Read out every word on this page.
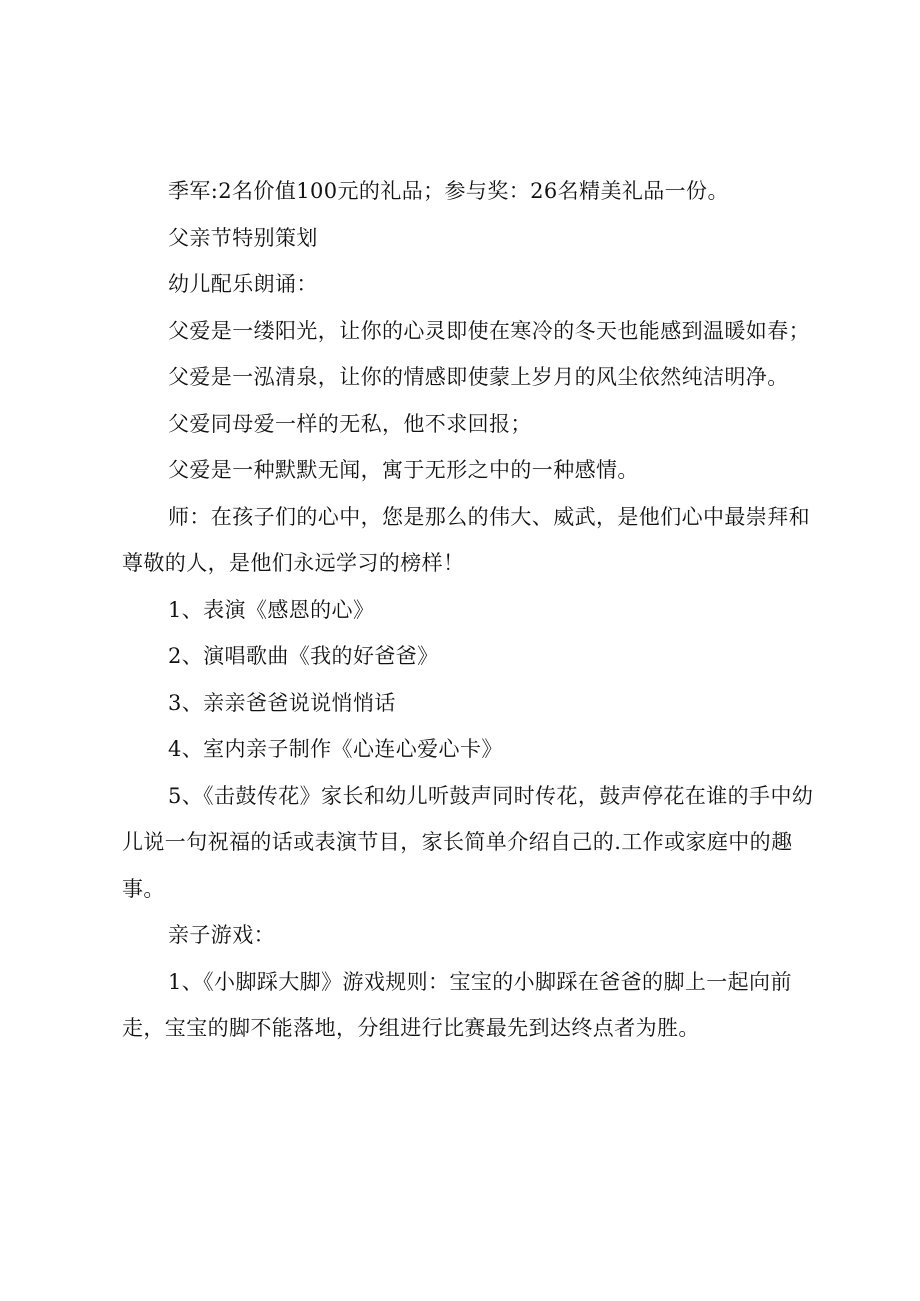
季军:2名价值100元的礼品；参与奖：26名精美礼品一份。

父亲节特别策划

幼儿配乐朗诵：

父爱是一缕阳光，让你的心灵即使在寒冷的冬天也能感到温暖如春；

父爱是一泓清泉，让你的情感即使蒙上岁月的风尘依然纯洁明净。

父爱同母爱一样的无私，他不求回报；

父爱是一种默默无闻，寓于无形之中的一种感情。

师：在孩子们的心中，您是那么的伟大、威武，是他们心中最崇拜和尊敬的人，是他们永远学习的榜样！

1、表演《感恩的心》

2、演唱歌曲《我的好爸爸》

3、亲亲爸爸说说悄悄话

4、室内亲子制作《心连心爱心卡》

5、《击鼓传花》家长和幼儿听鼓声同时传花，鼓声停花在谁的手中幼儿说一句祝福的话或表演节目，家长简单介绍自己的.工作或家庭中的趣事。

亲子游戏：

1、《小脚踩大脚》游戏规则：宝宝的小脚踩在爸爸的脚上一起向前走，宝宝的脚不能落地，分组进行比赛最先到达终点者为胜。
